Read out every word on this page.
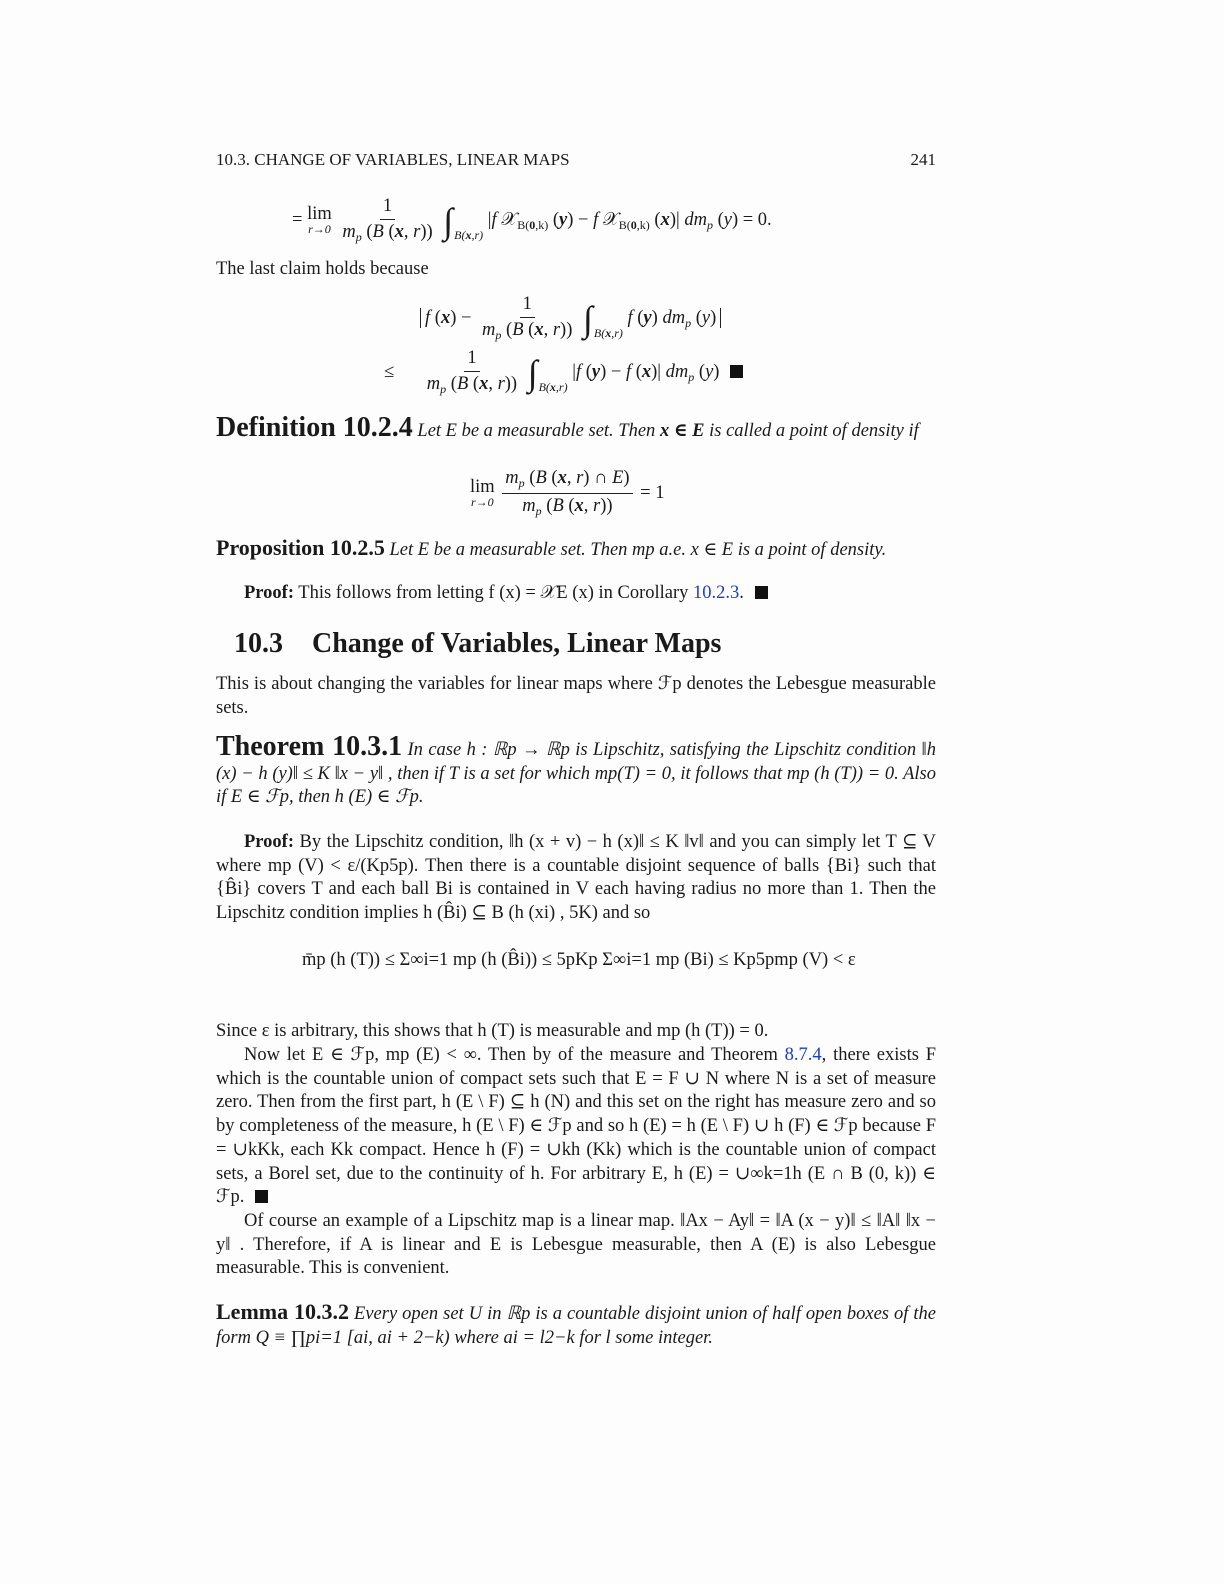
10.3. CHANGE OF VARIABLES, LINEAR MAPS	241
= lim
r→0
$\frac{1}{m_p (B (x, r))} \int_{B(x,r)}$ |f 𝒳$_{B(0,k)}$ (y) − f 𝒳$_{B(0,k)}$ (x)| $dm_p$ (y) = 0.
The last claim holds because
f $(x) - \frac{1}{m_p (B (x, r))} \int_{B(x,r)}$ f (y) $dm_p$ (y)
≤ $\frac{1}{m_p (B (x, r))} \int_{B(x,r)}$ |f (y) − f (x)| $dm_p$ (y)
Definition 10.2.4 Let E be a measurable set. Then x ∈ E is called a point of density if
lim
r→0
$\frac{m_p (B (x, r) \cap E)}{m_p (B (x, r))} = 1$
Proposition 10.2.5 Let E be a measurable set. Then mp a.e. x ∈ E is a point of density.
Proof: This follows from letting f (x) = 𝒳E (x) in Corollary 10.2.3.
10.3 Change of Variables, Linear Maps
This is about changing the variables for linear maps where ℱp denotes the Lebesgue measurable sets.
Theorem 10.3.1 In case h : ℝp → ℝp is Lipschitz, satisfying the Lipschitz condition ‖h (x) − h (y)‖ ≤ K ‖x − y‖ , then if T is a set for which mp(T) = 0, it follows that mp (h (T)) = 0. Also if E ∈ ℱp, then h (E) ∈ ℱp.
Proof: By the Lipschitz condition, ‖h (x + v) − h (x)‖ ≤ K ‖v‖ and you can simply let T ⊆ V where mp (V) < ε/(Kp5p). Then there is a countable disjoint sequence of balls {Bi} such that {B̂i} covers T and each ball Bi is contained in V each having radius no more than 1. Then the Lipschitz condition implies h (B̂i) ⊆ B (h (xi) , 5K) and so
m̄p (h (T)) ≤ Σ∞i=1 mp (h (B̂i)) ≤ 5pKp Σ∞i=1 mp (Bi) ≤ Kp5pmp (V) < ε
Since ε is arbitrary, this shows that h (T) is measurable and mp (h (T)) = 0.
Now let E ∈ ℱp, mp (E) < ∞. Then by of the measure and Theorem 8.7.4, there exists F which is the countable union of compact sets such that E = F ∪ N where N is a set of measure zero. Then from the first part, h (E \ F) ⊆ h (N) and this set on the right has measure zero and so by completeness of the measure, h (E \ F) ∈ ℱp and so h (E) = h (E \ F) ∪ h (F) ∈ ℱp because F = ∪kKk, each Kk compact. Hence h (F) = ∪kh (Kk) which is the countable union of compact sets, a Borel set, due to the continuity of h. For arbitrary E, h (E) = ∪∞k=1h (E ∩ B (0, k)) ∈ ℱp.
Of course an example of a Lipschitz map is a linear map. ‖Ax − Ay‖ = ‖A (x − y)‖ ≤ ‖A‖ ‖x − y‖ . Therefore, if A is linear and E is Lebesgue measurable, then A (E) is also Lebesgue measurable. This is convenient.
Lemma 10.3.2 Every open set U in ℝp is a countable disjoint union of half open boxes of the form Q ≡ ∏pi=1 [ai, ai + 2−k) where ai = l2−k for l some integer.
